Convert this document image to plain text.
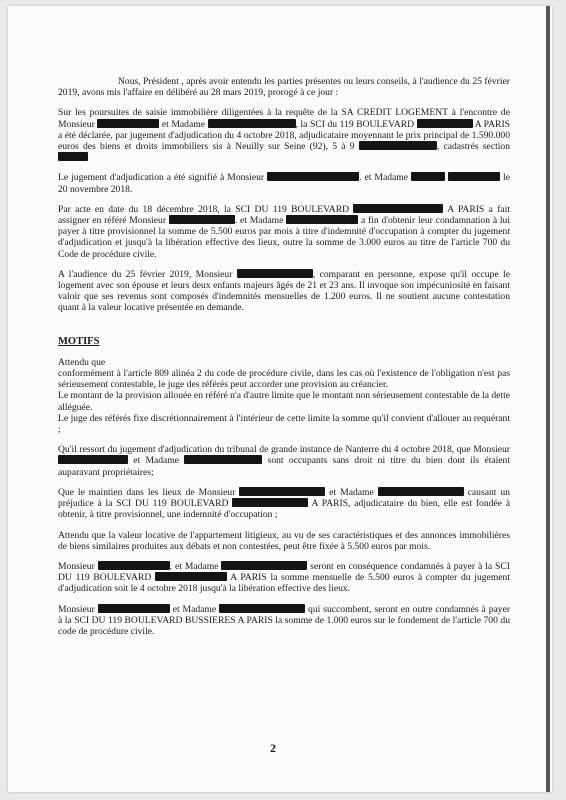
Nous, Président , après avoir entendu les parties présentes ou leurs conseils, à l'audience du 25 février 2019, avons mis l'affaire en délibéré au 28 mars 2019, prorogé à ce jour :

Sur les poursuites de saisie immobilière diligentées à la requête de la SA CREDIT LOGEMENT à l'encontre de Monsieur	et Madame	, la SCI du 119 BOULEVARD	A PARIS a été déclarée, par jugement d'adjudication du 4 octobre 2018, adjudicataire moyennant le prix principal de 1.590.000 euros des biens et droits immobiliers sis à Neuilly sur Seine (92), 5 à 9	, cadastrés section

Le jugement d'adjudication a été signifié à Monsieur	. et Madame	le 20 novembre 2018.

Par acte en date du 18 décembre 2018, la SCI DU 119 BOULEVARD	A PARIS a fait assigner en référé Monsieur	. et Madame	a fin d'obtenir leur condamnation à lui payer à titre provisionnel la somme de 5.500 euros par mois à titre d'indemnité d'occupation à compter du jugement d'adjudication et jusqu'à la libération effective des lieux, outre la somme de 3.000 euros au titre de l'article 700 du Code de procédure civile.

A l'audience du 25 février 2019, Monsieur	, comparant en personne, expose qu'il occupe le logement avec son épouse et leurs deux enfants majeurs âgés de 21 et 23 ans. Il invoque son impécuniosité en faisant valoir que ses revenus sont composés d'indemnités mensuelles de 1.200 euros. Il ne soutient aucune contestation quant à la valeur locative présentée en demande.

MOTIFS

Attendu que
conformément à l'article 809 alinéa 2 du code de procédure civile, dans les cas où l'existence de l'obligation n'est pas sérieusement contestable, le juge des référés peut accorder une provision au créancier.
Le montant de la provision allouée en référé n'a d'autre limite que le montant non sérieusement contestable de la dette alléguée.
Le juge des référés fixe discrétionnairement à l'intérieur de cette limite la somme qu'il convient d'allouer au requérant ;

Qu'il ressort du jugement d'adjudication du tribunal de grande instance de Nanterre du 4 octobre 2018, que Monsieur  et Madame	sont occupants sans droit ni titre du bien dont ils étaient auparavant propriétaires;

Que le maintien dans les lieux de Monsieur	et Madame	causant un préjudice à la SCI DU 119 BOULEVARD	A PARIS, adjudicataire du bien, elle est fondée à obtenir, à titre provisionnel, une indemnité d'occupation ;

Attendu que la valeur locative de l'appartement litigieux, au vu de ses caractéristiques et des annonces immobilières de biens similaires produites aux débats et non contestées, peut être fixée à 5.500 euros par mois.

Monsieur	. et Madame	seront en conséquence condamnés à payer à la SCI DU 119 BOULEVARD	A PARIS la somme mensuelle de 5.500 euros à compter du jugement d'adjudication soit le 4 octobre 2018 jusqu'à la libération effective des lieux.

Monsieur	et Madame	qui succombent, seront en outre condamnés à payer à la SCI DU 119 BOULEVARD BUSSIERES A PARIS la somme de 1.000 euros sur le fondement de l'article 700 du code de procédure civile.

2
